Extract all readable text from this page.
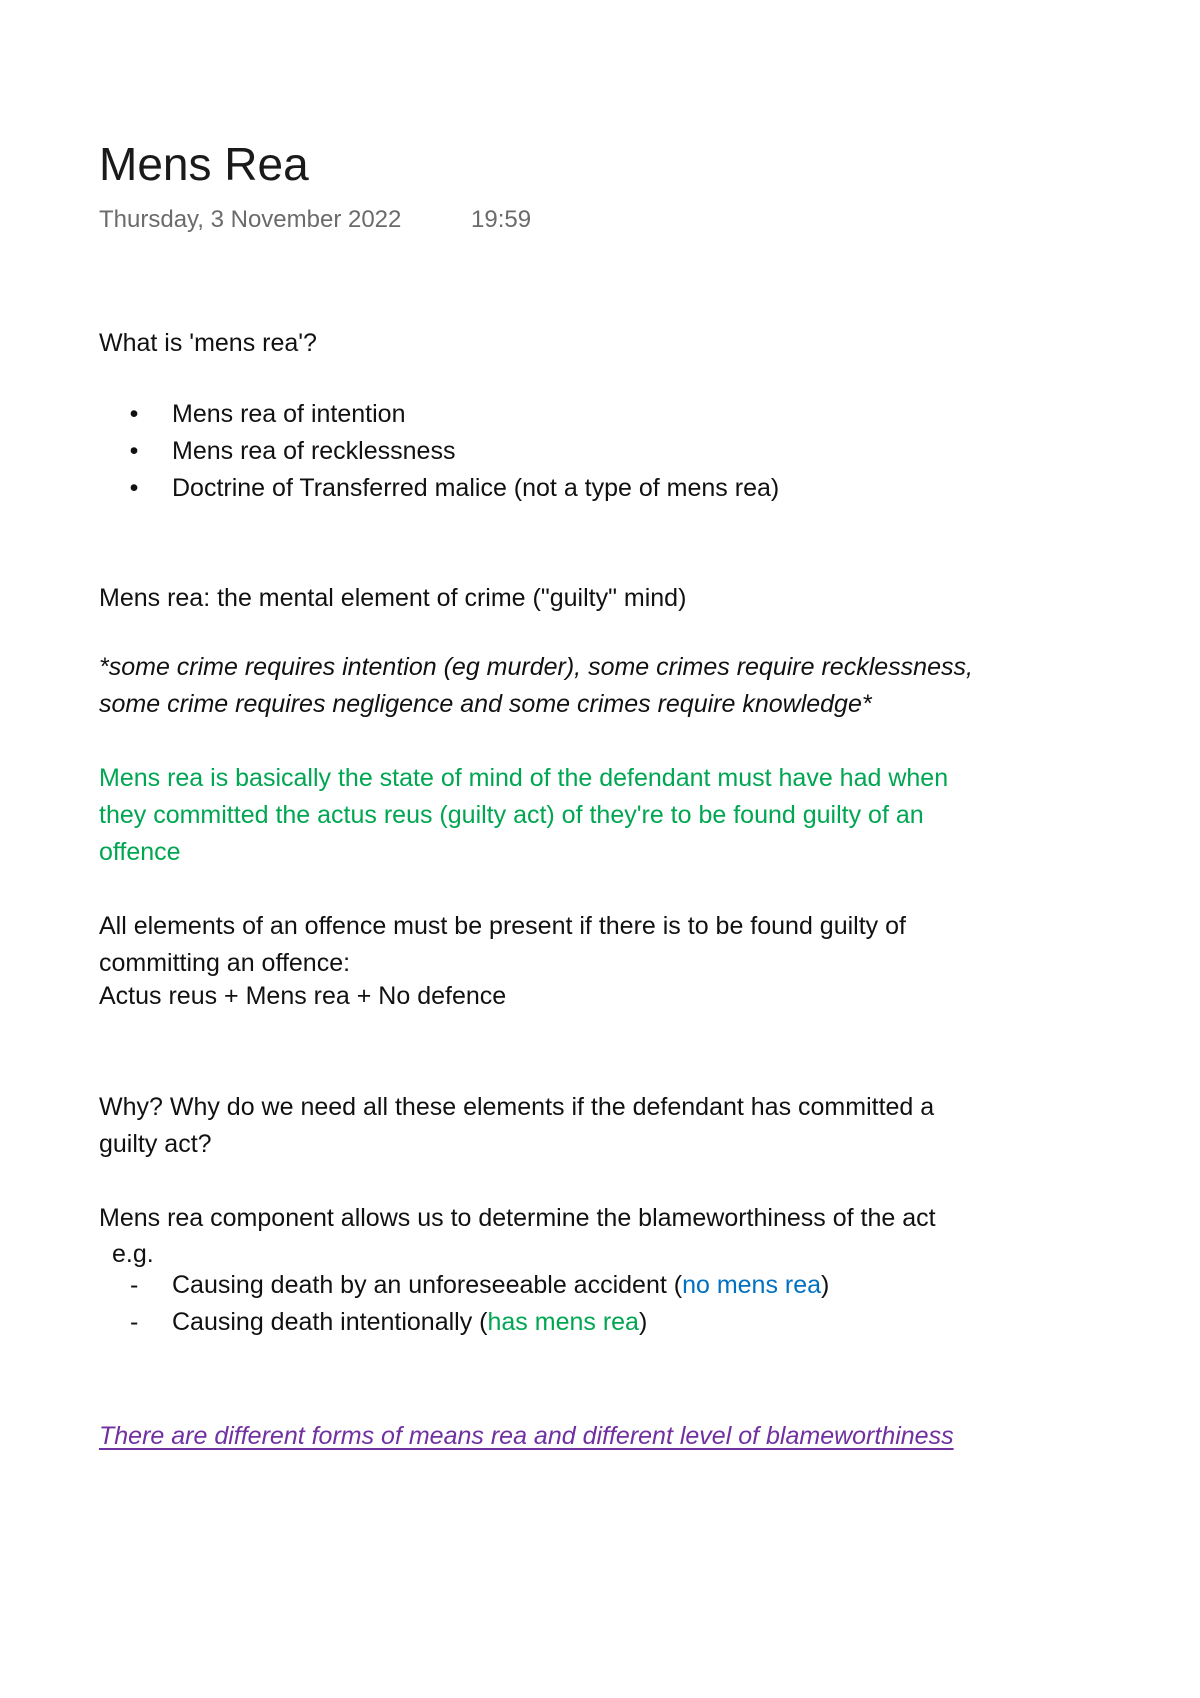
Mens Rea
Thursday, 3 November 2022	19:59
What is 'mens rea'?
• Mens rea of intention
• Mens rea of recklessness
• Doctrine of Transferred malice (not a type of mens rea)
Mens rea: the mental element of crime ("guilty" mind)
*some crime requires intention (eg murder), some crimes require recklessness,
some crime requires negligence and some crimes require knowledge*
Mens rea is basically the state of mind of the defendant must have had when
they committed the actus reus (guilty act) of they're to be found guilty of an
offence
All elements of an offence must be present if there is to be found guilty of
committing an offence:
Actus reus + Mens rea + No defence
Why? Why do we need all these elements if the defendant has committed a
guilty act?
Mens rea component allows us to determine the blameworthiness of the act
e.g.
- Causing death by an unforeseeable accident (no mens rea)
- Causing death intentionally (has mens rea)
There are different forms of means rea and different level of blameworthiness
